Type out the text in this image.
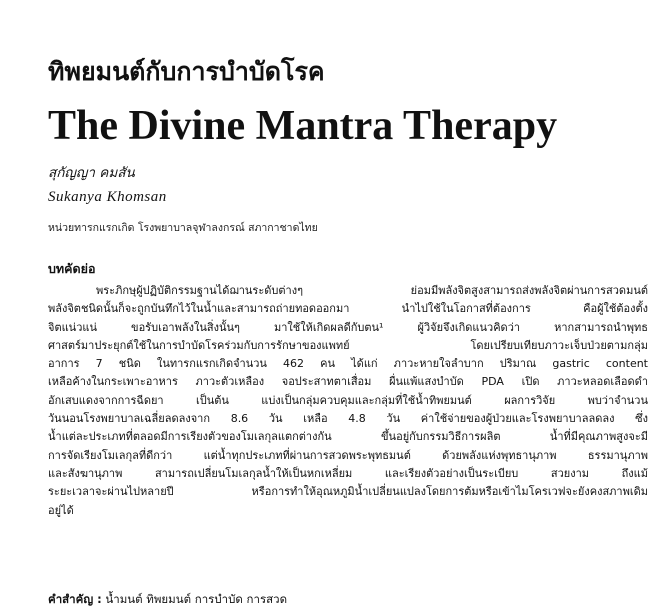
ทิพยมนต์กับการบำบัดโรค
The Divine Mantra Therapy
สุกัญญา คมสัน
Sukanya Khomsan
หน่วยทารกแรกเกิด โรงพยาบาลจุฬาลงกรณ์ สภากาชาดไทย
บทคัดย่อ
พระภิกษุผู้ปฏิบัติกรรมฐานได้ฌานระดับต่างๆ ย่อมมีพลังจิตสูงสามารถส่งพลังจิตผ่านการสวดมนต์
พลังจิตชนิดนั้นก็จะถูกบันทึกไว้ในน้ำและสามารถถ่ายทอดออกมา นำไปใช้ในโอกาสที่ต้องการ คือผู้ใช้ต้องตั้ง
จิตแน่วแน่ ขอรับเอาพลังในสิ่งนั้นๆ มาใช้ให้เกิดผลดีกับตน¹ ผู้วิจัยจึงเกิดแนวคิดว่า หากสามารถนำพุทธ
ศาสตร์มาประยุกต์ใช้ในการบำบัดโรคร่วมกับการรักษาของแพทย์ โดยเปรียบเทียบภาวะเจ็บป่วยตามกลุ่ม
อาการ 7 ชนิด ในทารกแรกเกิดจำนวน 462 คน ได้แก่ ภาวะหายใจลำบาก ปริมาณ gastric content
เหลือค้างในกระเพาะอาหาร ภาวะตัวเหลือง จอประสาทตาเสื่อม ผื่นแพ้แสงบำบัด PDA เปิด ภาวะหลอดเลือดดำ
อักเสบแดงจากการฉีดยา เป็นต้น แบ่งเป็นกลุ่มควบคุมและกลุ่มที่ใช้น้ำทิพยมนต์ ผลการวิจัย พบว่าจำนวน
วันนอนโรงพยาบาลเฉลี่ยลดลงจาก 8.6 วัน เหลือ 4.8 วัน ค่าใช้จ่ายของผู้ป่วยและโรงพยาบาลลดลง ซึ่ง
น้ำแต่ละประเภทที่ตลอดมีการเรียงตัวของโมเลกุลแตกต่างกัน ขึ้นอยู่กับกรรมวิธีการผลิต น้ำที่มีคุณภาพสูงจะมี
การจัดเรียงโมเลกุลที่ดีกว่า แต่น้ำทุกประเภทที่ผ่านการสวดพระพุทธมนต์ ด้วยพลังแห่งพุทธานุภาพ ธรรมานุภาพ
และสังฆานุภาพ สามารถเปลี่ยนโมเลกุลน้ำให้เป็นหกเหลี่ยม และเรียงตัวอย่างเป็นระเบียบ สวยงาม ถึงแม้
ระยะเวลาจะผ่านไปหลายปี หรือการทำให้อุณหภูมิน้ำเปลี่ยนแปลงโดยการต้มหรือเข้าไมโครเวฟจะยังคงสภาพเดิม
อยู่ได้
คำสำคัญ : น้ำมนต์ ทิพยมนต์ การบำบัด การสวด
